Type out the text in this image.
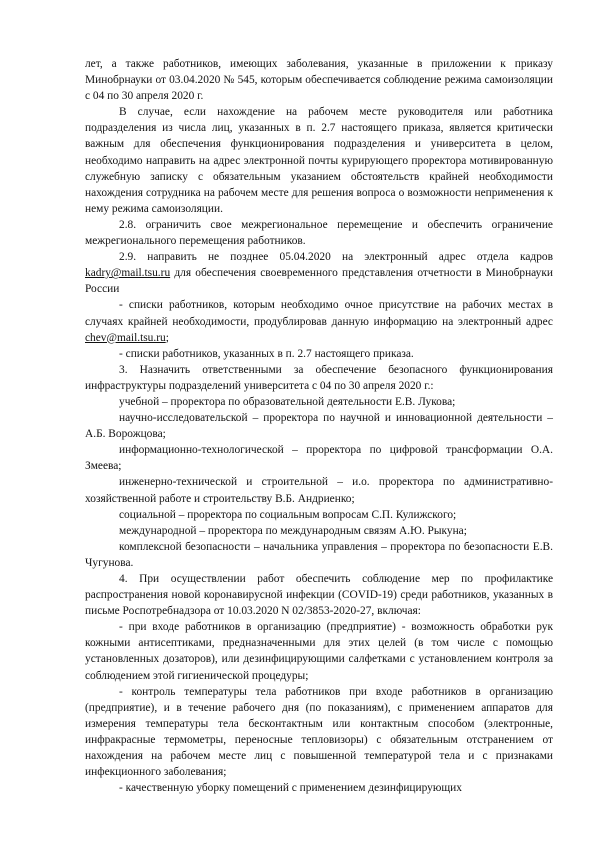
лет, а также работников, имеющих заболевания, указанные в приложении к приказу Минобрнауки от 03.04.2020 № 545, которым обеспечивается соблюдение режима самоизоляции с 04 по 30 апреля 2020 г.

В случае, если нахождение на рабочем месте руководителя или работника подразделения из числа лиц, указанных в п. 2.7 настоящего приказа, является критически важным для обеспечения функционирования подразделения и университета в целом, необходимо направить на адрес электронной почты курирующего проректора мотивированную служебную записку с обязательным указанием обстоятельств крайней необходимости нахождения сотрудника на рабочем месте для решения вопроса о возможности неприменения к нему режима самоизоляции.

2.8. ограничить свое межрегиональное перемещение и обеспечить ограничение межрегионального перемещения работников.

2.9. направить не позднее 05.04.2020 на электронный адрес отдела кадров kadry@mail.tsu.ru для обеспечения своевременного представления отчетности в Минобрнауки России

- списки работников, которым необходимо очное присутствие на рабочих местах в случаях крайней необходимости, продублировав данную информацию на электронный адрес chev@mail.tsu.ru;

- списки работников, указанных в п. 2.7 настоящего приказа.

3. Назначить ответственными за обеспечение безопасного функционирования инфраструктуры подразделений университета с 04 по 30 апреля 2020 г.:

учебной – проректора по образовательной деятельности Е.В. Лукова;

научно-исследовательской – проректора по научной и инновационной деятельности – А.Б. Ворожцова;

информационно-технологической – проректора по цифровой трансформации О.А. Змеева;

инженерно-технической и строительной – и.о. проректора по административно-хозяйственной работе и строительству В.Б. Андриенко;

социальной – проректора по социальным вопросам С.П. Кулижского;

международной – проректора по международным связям А.Ю. Рыкуна;

комплексной безопасности – начальника управления – проректора по безопасности Е.В. Чугунова.

4. При осуществлении работ обеспечить соблюдение мер по профилактике распространения новой коронавирусной инфекции (COVID-19) среди работников, указанных в письме Роспотребнадзора от 10.03.2020 N 02/3853-2020-27, включая:

- при входе работников в организацию (предприятие) - возможность обработки рук кожными антисептиками, предназначенными для этих целей (в том числе с помощью установленных дозаторов), или дезинфицирующими салфетками с установлением контроля за соблюдением этой гигиенической процедуры;

- контроль температуры тела работников при входе работников в организацию (предприятие), и в течение рабочего дня (по показаниям), с применением аппаратов для измерения температуры тела бесконтактным или контактным способом (электронные, инфракрасные термометры, переносные тепловизоры) с обязательным отстранением от нахождения на рабочем месте лиц с повышенной температурой тела и с признаками инфекционного заболевания;

- качественную уборку помещений с применением дезинфицирующих
